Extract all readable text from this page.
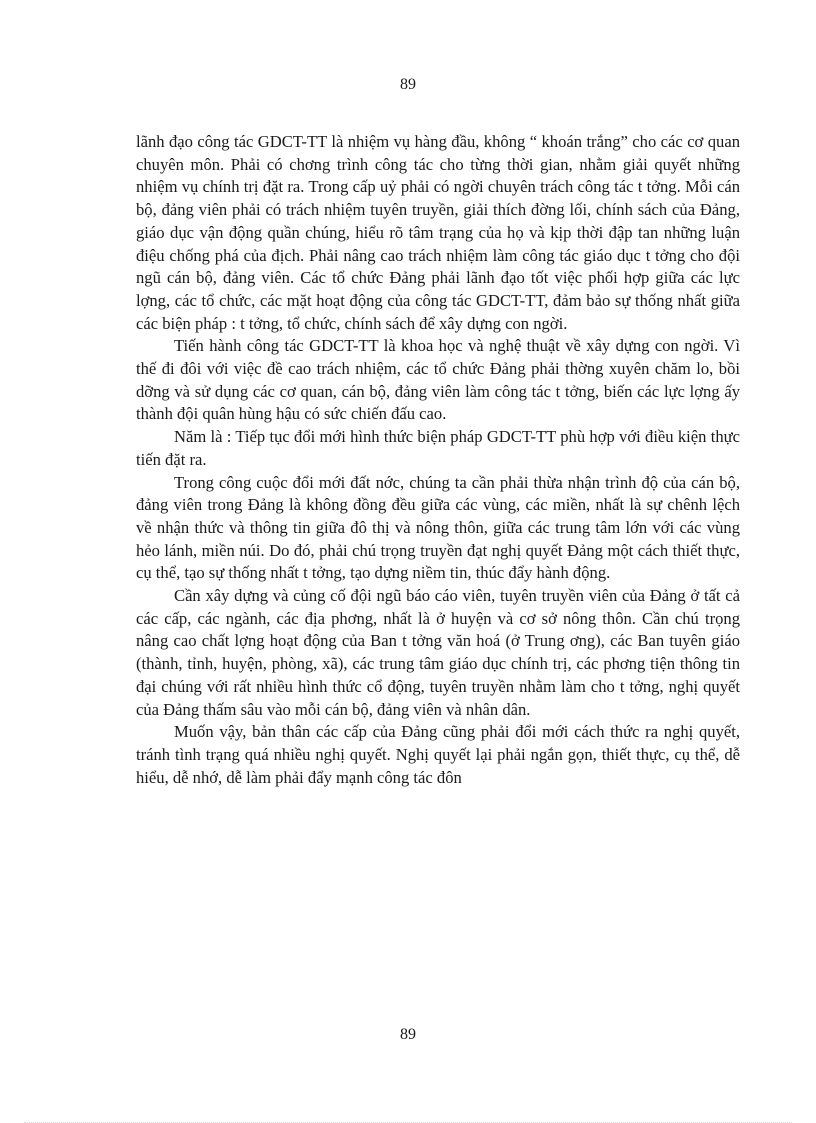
89

lãnh đạo công tác GDCT-TT là nhiệm vụ hàng đầu, không “ khoán trắng” cho các cơ quan chuyên môn. Phải có chơng trình công tác cho từng thời gian, nhằm giải quyết những nhiệm vụ chính trị đặt ra. Trong cấp uỷ phải có ngời chuyên trách công tác t tởng. Mỗi cán bộ, đảng viên phải có trách nhiệm tuyên truyền, giải thích đờng lối, chính sách của Đảng, giáo dục vận động quần chúng, hiểu rõ tâm trạng của họ và kịp thời đập tan những luận điệu chống phá của địch. Phải nâng cao trách nhiệm làm công tác giáo dục t tởng cho đội ngũ cán bộ, đảng viên. Các tổ chức Đảng phải lãnh đạo tốt việc phối hợp giữa các lực lợng, các tổ chức, các mặt hoạt động của công tác GDCT-TT, đảm bảo sự thống nhất giữa các biện pháp : t tởng, tổ chức, chính sách để xây dựng con ngời.

Tiến hành công tác GDCT-TT là khoa học và nghệ thuật về xây dựng con ngời. Vì thế đi đôi với việc đề cao trách nhiệm, các tổ chức Đảng phải thờng xuyên chăm lo, bồi dỡng và sử dụng các cơ quan, cán bộ, đảng viên làm công tác t tởng, biến các lực lợng ấy thành đội quân hùng hậu có sức chiến đấu cao.

Năm là : Tiếp tục đổi mới hình thức biện pháp GDCT-TT phù hợp với điều kiện thực tiến đặt ra.

Trong công cuộc đổi mới đất nớc, chúng ta cần phải thừa nhận trình độ của cán bộ, đảng viên trong Đảng là không đồng đều giữa các vùng, các miền, nhất là sự chênh lệch về nhận thức và thông tin giữa đô thị và nông thôn, giữa các trung tâm lớn với các vùng hẻo lánh, miền núi. Do đó, phải chú trọng truyền đạt nghị quyết Đảng một cách thiết thực, cụ thể, tạo sự thống nhất t tởng, tạo dựng niềm tin, thúc đẩy hành động.

Cần xây dựng và củng cố đội ngũ báo cáo viên, tuyên truyền viên của Đảng ở tất cả các cấp, các ngành, các địa phơng, nhất là ở huyện và cơ sở nông thôn. Cần chú trọng nâng cao chất lợng hoạt động của Ban t tởng văn hoá (ở Trung ơng), các Ban tuyên giáo (thành, tỉnh, huyện, phòng, xã), các trung tâm giáo dục chính trị, các phơng tiện thông tin đại chúng với rất nhiều hình thức cổ động, tuyên truyền nhằm làm cho t tởng, nghị quyết của Đảng thấm sâu vào mỗi cán bộ, đảng viên và nhân dân.

Muốn vậy, bản thân các cấp của Đảng cũng phải đổi mới cách thức ra nghị quyết, tránh tình trạng quá nhiều nghị quyết. Nghị quyết lại phải ngắn gọn, thiết thực, cụ thể, dễ hiểu, dễ nhớ, dễ làm phải đẩy mạnh công tác đôn

89
